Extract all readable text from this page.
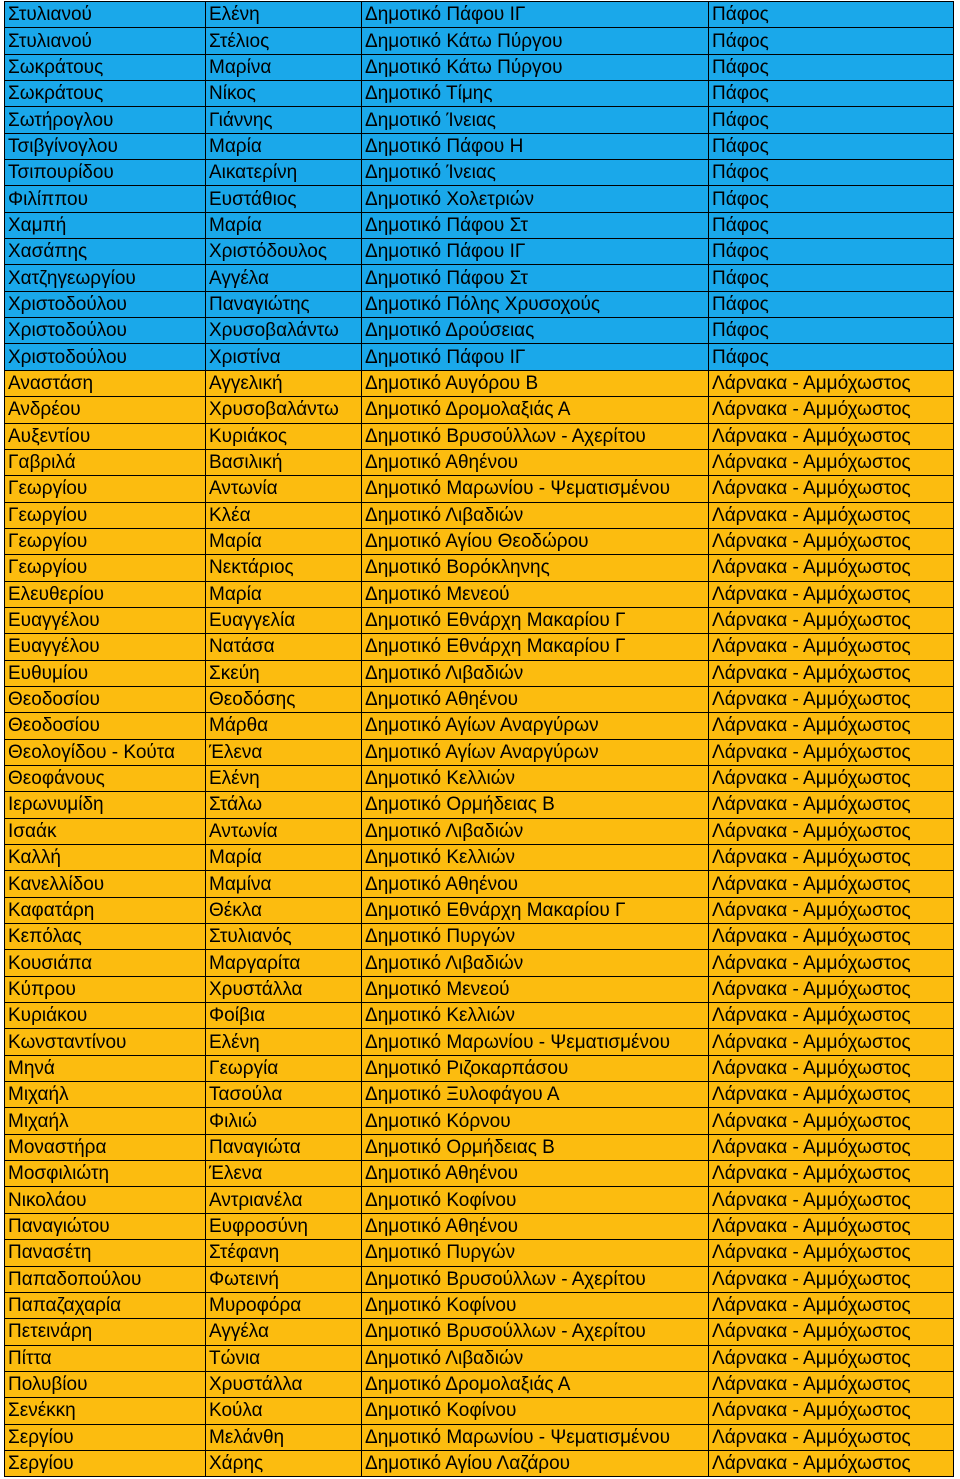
Στυλιανού	Ελένη	Δημοτικό Πάφου ΙΓ	Πάφος
Στυλιανού	Στέλιος	Δημοτικό Κάτω Πύργου	Πάφος
Σωκράτους	Μαρίνα	Δημοτικό Κάτω Πύργου	Πάφος
Σωκράτους	Νίκος	Δημοτικό Τίμης	Πάφος
Σωτήρογλου	Γιάννης	Δημοτικό Ίνειας	Πάφος
Τσιβγίνογλου	Μαρία	Δημοτικό Πάφου Η	Πάφος
Τσιπουρίδου	Αικατερίνη	Δημοτικό Ίνειας	Πάφος
Φιλίππου	Ευστάθιος	Δημοτικό Χολετριών	Πάφος
Χαμπή	Μαρία	Δημοτικό Πάφου Στ	Πάφος
Χασάπης	Χριστόδουλος	Δημοτικό Πάφου ΙΓ	Πάφος
Χατζηγεωργίου	Αγγέλα	Δημοτικό Πάφου Στ	Πάφος
Χριστοδούλου	Παναγιώτης	Δημοτικό Πόλης Χρυσοχούς	Πάφος
Χριστοδούλου	Χρυσοβαλάντω	Δημοτικό Δρούσειας	Πάφος
Χριστοδούλου	Χριστίνα	Δημοτικό Πάφου ΙΓ	Πάφος
Αναστάση	Αγγελική	Δημοτικό Αυγόρου Β	Λάρνακα - Αμμόχωστος
Ανδρέου	Χρυσοβαλάντω	Δημοτικό Δρομολαξιάς Α	Λάρνακα - Αμμόχωστος
Αυξεντίου	Κυριάκος	Δημοτικό Βρυσούλλων - Αχερίτου	Λάρνακα - Αμμόχωστος
Γαβριλά	Βασιλική	Δημοτικό Αθηένου	Λάρνακα - Αμμόχωστος
Γεωργίου	Αντωνία	Δημοτικό Μαρωνίου - Ψεματισμένου	Λάρνακα - Αμμόχωστος
Γεωργίου	Κλέα	Δημοτικό Λιβαδιών	Λάρνακα - Αμμόχωστος
Γεωργίου	Μαρία	Δημοτικό Αγίου Θεοδώρου	Λάρνακα - Αμμόχωστος
Γεωργίου	Νεκτάριος	Δημοτικό Βορόκληνης	Λάρνακα - Αμμόχωστος
Ελευθερίου	Μαρία	Δημοτικό Μενεού	Λάρνακα - Αμμόχωστος
Ευαγγέλου	Ευαγγελία	Δημοτικό Εθνάρχη Μακαρίου Γ	Λάρνακα - Αμμόχωστος
Ευαγγέλου	Νατάσα	Δημοτικό Εθνάρχη Μακαρίου Γ	Λάρνακα - Αμμόχωστος
Ευθυμίου	Σκεύη	Δημοτικό Λιβαδιών	Λάρνακα - Αμμόχωστος
Θεοδοσίου	Θεοδόσης	Δημοτικό Αθηένου	Λάρνακα - Αμμόχωστος
Θεοδοσίου	Μάρθα	Δημοτικό Αγίων Αναργύρων	Λάρνακα - Αμμόχωστος
Θεολογίδου - Κούτα	Έλενα	Δημοτικό Αγίων Αναργύρων	Λάρνακα - Αμμόχωστος
Θεοφάνους	Ελένη	Δημοτικό Κελλιών	Λάρνακα - Αμμόχωστος
Ιερωνυμίδη	Στάλω	Δημοτικό Ορμήδειας Β	Λάρνακα - Αμμόχωστος
Ισαάκ	Αντωνία	Δημοτικό Λιβαδιών	Λάρνακα - Αμμόχωστος
Καλλή	Μαρία	Δημοτικό Κελλιών	Λάρνακα - Αμμόχωστος
Κανελλίδου	Μαμίνα	Δημοτικό Αθηένου	Λάρνακα - Αμμόχωστος
Καφατάρη	Θέκλα	Δημοτικό Εθνάρχη Μακαρίου Γ	Λάρνακα - Αμμόχωστος
Κεπόλας	Στυλιανός	Δημοτικό Πυργών	Λάρνακα - Αμμόχωστος
Κουσιάπα	Μαργαρίτα	Δημοτικό Λιβαδιών	Λάρνακα - Αμμόχωστος
Κύπρου	Χρυστάλλα	Δημοτικό Μενεού	Λάρνακα - Αμμόχωστος
Κυριάκου	Φοίβια	Δημοτικό Κελλιών	Λάρνακα - Αμμόχωστος
Κωνσταντίνου	Ελένη	Δημοτικό Μαρωνίου - Ψεματισμένου	Λάρνακα - Αμμόχωστος
Μηνά	Γεωργία	Δημοτικό Ριζοκαρπάσου	Λάρνακα - Αμμόχωστος
Μιχαήλ	Τασούλα	Δημοτικό Ξυλοφάγου Α	Λάρνακα - Αμμόχωστος
Μιχαήλ	Φιλιώ	Δημοτικό Κόρνου	Λάρνακα - Αμμόχωστος
Μοναστήρα	Παναγιώτα	Δημοτικό Ορμήδειας Β	Λάρνακα - Αμμόχωστος
Μοσφιλιώτη	Έλενα	Δημοτικό Αθηένου	Λάρνακα - Αμμόχωστος
Νικολάου	Αντριανέλα	Δημοτικό Κοφίνου	Λάρνακα - Αμμόχωστος
Παναγιώτου	Ευφροσύνη	Δημοτικό Αθηένου	Λάρνακα - Αμμόχωστος
Πανασέτη	Στέφανη	Δημοτικό Πυργών	Λάρνακα - Αμμόχωστος
Παπαδοπούλου	Φωτεινή	Δημοτικό Βρυσούλλων - Αχερίτου	Λάρνακα - Αμμόχωστος
Παπαζαχαρία	Μυροφόρα	Δημοτικό Κοφίνου	Λάρνακα - Αμμόχωστος
Πετεινάρη	Αγγέλα	Δημοτικό Βρυσούλλων - Αχερίτου	Λάρνακα - Αμμόχωστος
Πίττα	Τώνια	Δημοτικό Λιβαδιών	Λάρνακα - Αμμόχωστος
Πολυβίου	Χρυστάλλα	Δημοτικό Δρομολαξιάς Α	Λάρνακα - Αμμόχωστος
Σενέκκη	Κούλα	Δημοτικό Κοφίνου	Λάρνακα - Αμμόχωστος
Σεργίου	Μελάνθη	Δημοτικό Μαρωνίου - Ψεματισμένου	Λάρνακα - Αμμόχωστος
Σεργίου	Χάρης	Δημοτικό Αγίου Λαζάρου	Λάρνακα - Αμμόχωστος
